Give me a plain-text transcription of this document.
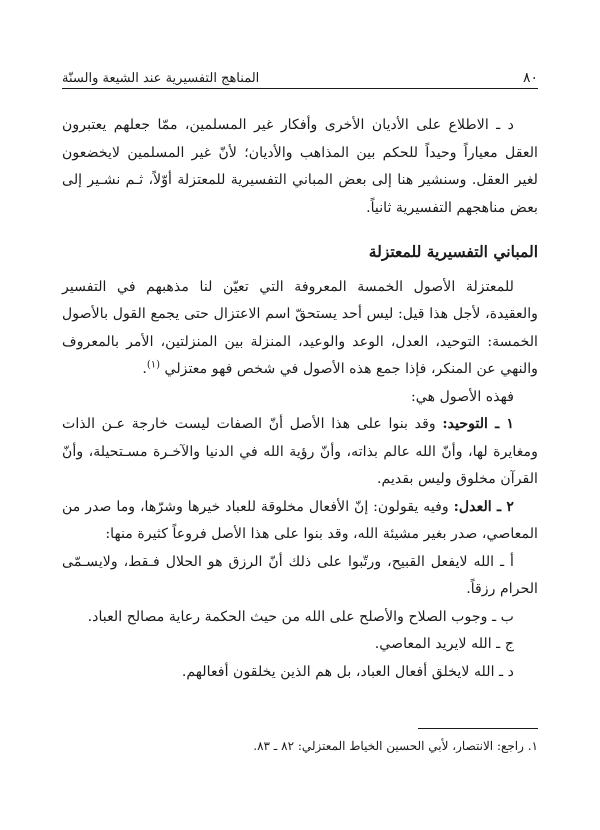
٨٠
المناهج التفسيرية عند الشيعة والسنّة

د ـ الاطلاع على الأديان الأخرى وأفكار غير المسلمين، ممّا جعلهم يعتبرون العقل معياراً وحيداً للحكم بين المذاهب والأديان؛ لأنّ غير المسلمين لايخضعون لغير العقل. وسنشير هنا إلى بعض المباني التفسيرية للمعتزلة أوّلاً، ثـم نشـير إلى بعض مناهجهم التفسيرية ثانياً.

المباني التفسيرية للمعتزلة

للمعتزلة الأصول الخمسة المعروفة التي تعيّن لنا مذهبهم في التفسير والعقيدة، لأجل هذا قيل: ليس أحد يستحقّ اسم الاعتزال حتى يجمع القول بالأصول الخمسة: التوحيد، العدل، الوعد والوعيد، المنزلة بين المنزلتين، الأمر بالمعروف والنهي عن المنكر، فإذا جمع هذه الأصول في شخص فهو معتزلي $^{(١)}$.

فهذه الأصول هي:

١ ـ التوحيد: وقد بنوا على هذا الأصل أنّ الصفات ليست خارجة عـن الذات ومغايرة لها، وأنّ الله عالم بذاته، وأنّ رؤية الله في الدنيا والآخـرة مسـتحيلة، وأنّ القرآن مخلوق وليس بقديم.

٢ ـ العدل: وفيه يقولون: إنّ الأفعال مخلوقة للعباد خيرها وشرّها، وما صدر من المعاصي، صدر بغير مشيئة الله، وقد بنوا على هذا الأصل فروعاً كثيرة منها:

أ ـ الله لايفعل القبيح، ورتّبوا على ذلك أنّ الرزق هو الحلال فـقط، ولايسـمّى الحرام رزقاً.

ب ـ وجوب الصلاح والأصلح على الله من حيث الحكمة رعاية مصالح العباد.

ج ـ الله لايريد المعاصي.

د ـ الله لايخلق أفعال العباد، بل هم الذين يخلقون أفعالهم.

١. راجع: الانتصار، لأبي الحسين الخياط المعتزلي: ٨٢ ـ ٨٣.
